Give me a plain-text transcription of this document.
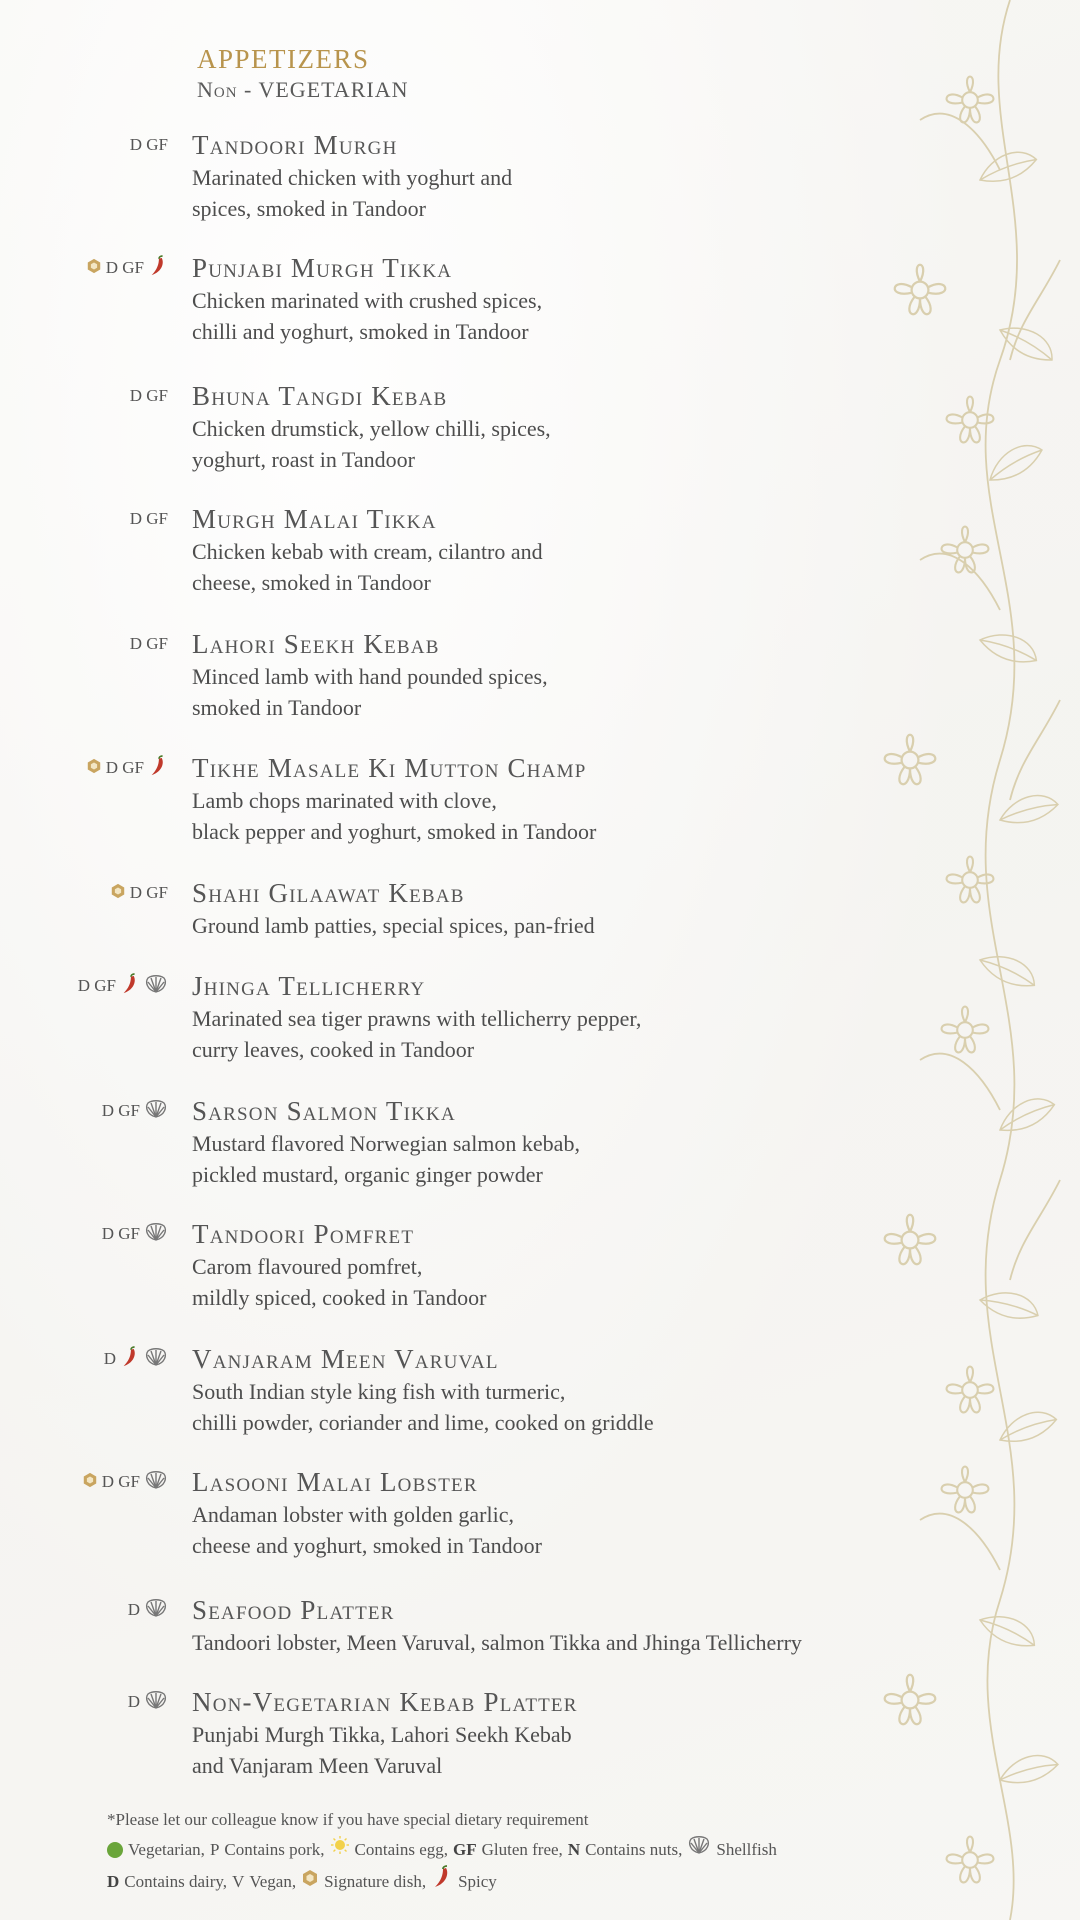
APPETIZERS
Non - VEGETARIAN
D GF Tandoori Murgh
Marinated chicken with yoghurt and
spices, smoked in Tandoor
D GF Punjabi Murgh Tikka
Chicken marinated with crushed spices,
chilli and yoghurt, smoked in Tandoor
D GF Bhuna Tangdi Kebab
Chicken drumstick, yellow chilli, spices,
yoghurt, roast in Tandoor
D GF Murgh Malai Tikka
Chicken kebab with cream, cilantro and
cheese, smoked in Tandoor
D GF Lahori Seekh Kebab
Minced lamb with hand pounded spices,
smoked in Tandoor
D GF Tikhe Masale Ki Mutton Champ
Lamb chops marinated with clove,
black pepper and yoghurt, smoked in Tandoor
D GF Shahi Gilaawat Kebab
Ground lamb patties, special spices, pan-fried
D GF	Jhinga Tellicherry
Marinated sea tiger prawns with tellicherry pepper,
curry leaves, cooked in Tandoor
D GF Sarson Salmon Tikka
Mustard flavored Norwegian salmon kebab,
pickled mustard, organic ginger powder
D GF Tandoori Pomfret
Carom flavoured pomfret,
mildly spiced, cooked in Tandoor
D	Vanjaram Meen Varuval
South Indian style king fish with turmeric,
chilli powder, coriander and lime, cooked on griddle
D GF Lasooni Malai Lobster
Andaman lobster with golden garlic,
cheese and yoghurt, smoked in Tandoor
D Seafood Platter
Tandoori lobster, Meen Varuval, salmon Tikka and Jhinga Tellicherry
D Non-Vegetarian Kebab Platter
Punjabi Murgh Tikka, Lahori Seekh Kebab
and Vanjaram Meen Varuval
*Please let our colleague know if you have special dietary requirement
Vegetarian, P Contains pork, Contains egg, GF Gluten free, N Contains nuts, Shellfish
D Contains dairy, V Vegan, Signature dish, Spicy
